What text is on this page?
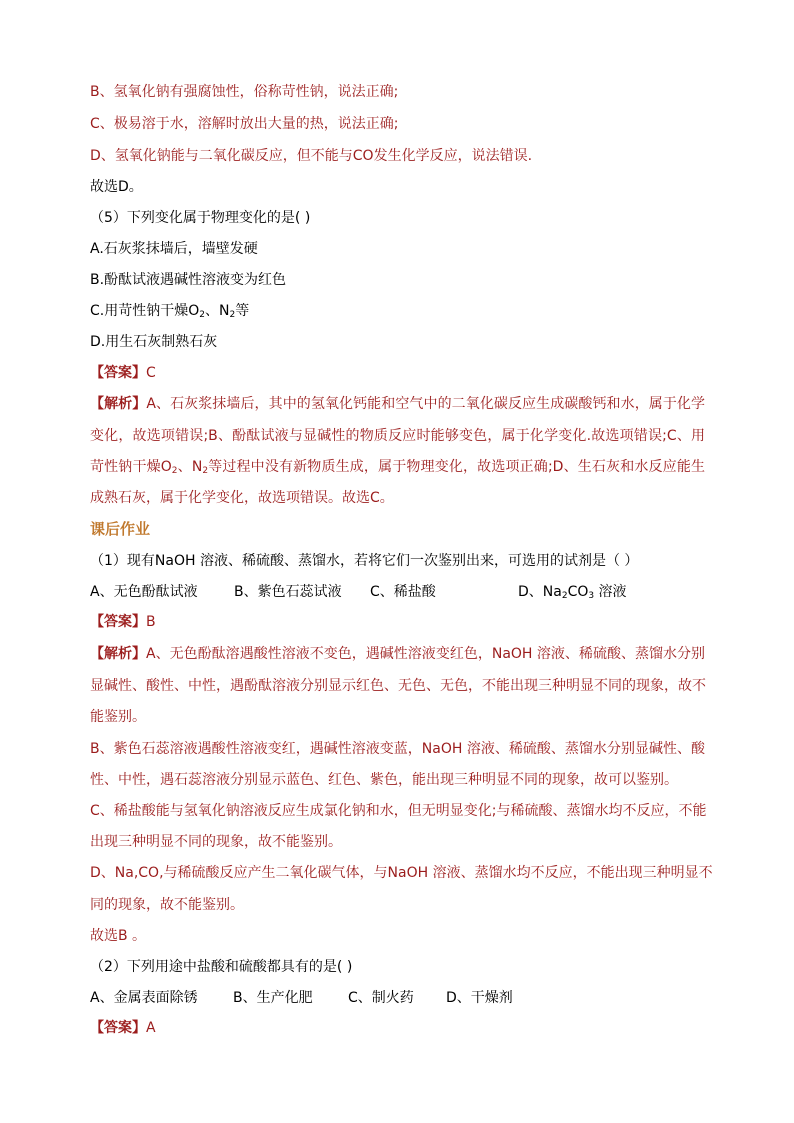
B、氢氧化钠有强腐蚀性，俗称苛性钠，说法正确;
C、极易溶于水，溶解时放出大量的热，说法正确;
D、氢氧化钠能与二氧化碳反应，但不能与CO发生化学反应，说法错误.
故选D。
（5）下列变化属于物理变化的是( )
A.石灰浆抹墙后，墙壁发硬
B.酚酞试液遇碱性溶液变为红色
C.用苛性钠干燥$O_2$、$N_2$等
D.用生石灰制熟石灰
【答案】C
【解析】A、石灰浆抹墙后，其中的氢氧化钙能和空气中的二氧化碳反应生成碳酸钙和水，属于化学
变化，故选项错误;B、酚酞试液与显碱性的物质反应时能够变色，属于化学变化.故选项错误;C、用
苛性钠干燥$O_2$、$N_2$等过程中没有新物质生成，属于物理变化，故选项正确;D、生石灰和水反应能生
成熟石灰，属于化学变化，故选项错误。故选C。
课后作业
（1）现有NaOH 溶液、稀硫酸、蒸馏水，若将它们一次鉴别出来，可选用的试剂是（ ）
A、无色酚酞试液	B、紫色石蕊试液 C、稀盐酸	D、$Na_2CO_3$ 溶液
【答案】B
【解析】A、无色酚酞溶遇酸性溶液不变色，遇碱性溶液变红色，NaOH 溶液、稀硫酸、蒸馏水分别
显碱性、酸性、中性，遇酚酞溶液分别显示红色、无色、无色，不能出现三种明显不同的现象，故不
能鉴别。
B、紫色石蕊溶液遇酸性溶液变红，遇碱性溶液变蓝，NaOH 溶液、稀硫酸、蒸馏水分别显碱性、酸
性、中性，遇石蕊溶液分别显示蓝色、红色、紫色，能出现三种明显不同的现象，故可以鉴别。
C、稀盐酸能与氢氧化钠溶液反应生成氯化钠和水，但无明显变化;与稀硫酸、蒸馏水均不反应，不能
出现三种明显不同的现象，故不能鉴别。
D、Na,CO,与稀硫酸反应产生二氧化碳气体，与NaOH 溶液、蒸馏水均不反应，不能出现三种明显不
同的现象，故不能鉴别。
故选B 。
（2）下列用途中盐酸和硫酸都具有的是( )
A、金属表面除锈	B、生产化肥	C、制火药 D、干燥剂
【答案】A
